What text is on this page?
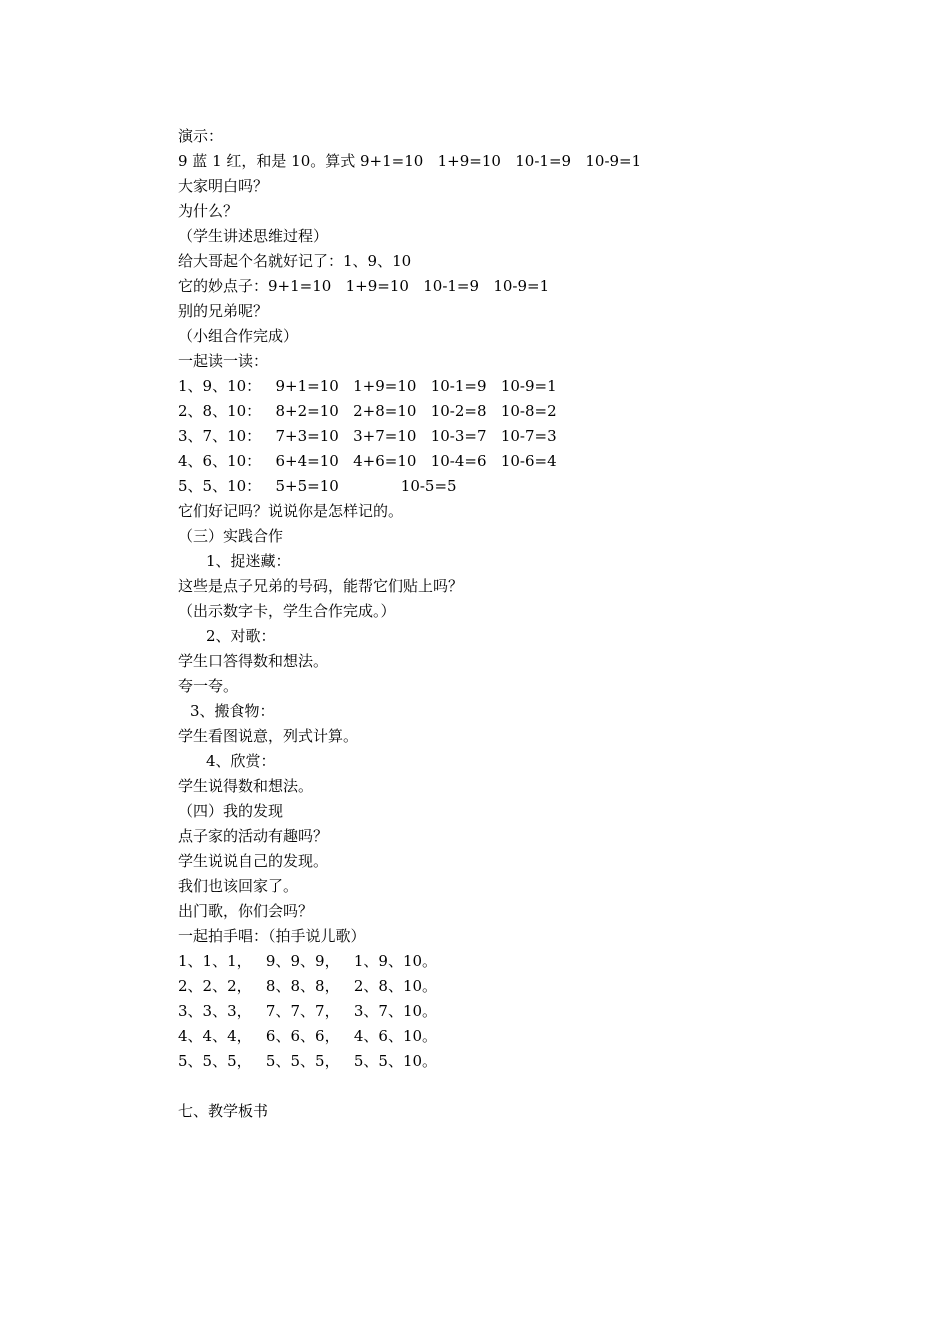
演示：
9 蓝 1 红，和是 10。算式 9+1=10   1+9=10   10-1=9   10-9=1
大家明白吗？
为什么？
（学生讲述思维过程）
给大哥起个名就好记了：1、9、10
它的妙点子：9+1=10   1+9=10   10-1=9   10-9=1
别的兄弟呢？
（小组合作完成）
一起读一读：
1、9、10：   9+1=10   1+9=10   10-1=9   10-9=1
2、8、10：   8+2=10   2+8=10   10-2=8   10-8=2
3、7、10：   7+3=10   3+7=10   10-3=7   10-7=3
4、6、10：   6+4=10   4+6=10   10-4=6   10-6=4
5、5、10：   5+5=10             10-5=5
它们好记吗？说说你是怎样记的。
（三）实践合作
1、捉迷藏：
这些是点子兄弟的号码，能帮它们贴上吗？
（出示数字卡，学生合作完成。）
2、对歌：
学生口答得数和想法。
夸一夸。
3、搬食物：
学生看图说意，列式计算。
4、欣赏：
学生说得数和想法。
（四）我的发现
点子家的活动有趣吗？
学生说说自己的发现。
我们也该回家了。
出门歌，你们会吗？
一起拍手唱：（拍手说儿歌）
1、1、1，   9、9、9，   1、9、10。
2、2、2，   8、8、8，   2、8、10。
3、3、3，   7、7、7，   3、7、10。
4、4、4，   6、6、6，   4、6、10。
5、5、5，   5、5、5，   5、5、10。
七、教学板书
